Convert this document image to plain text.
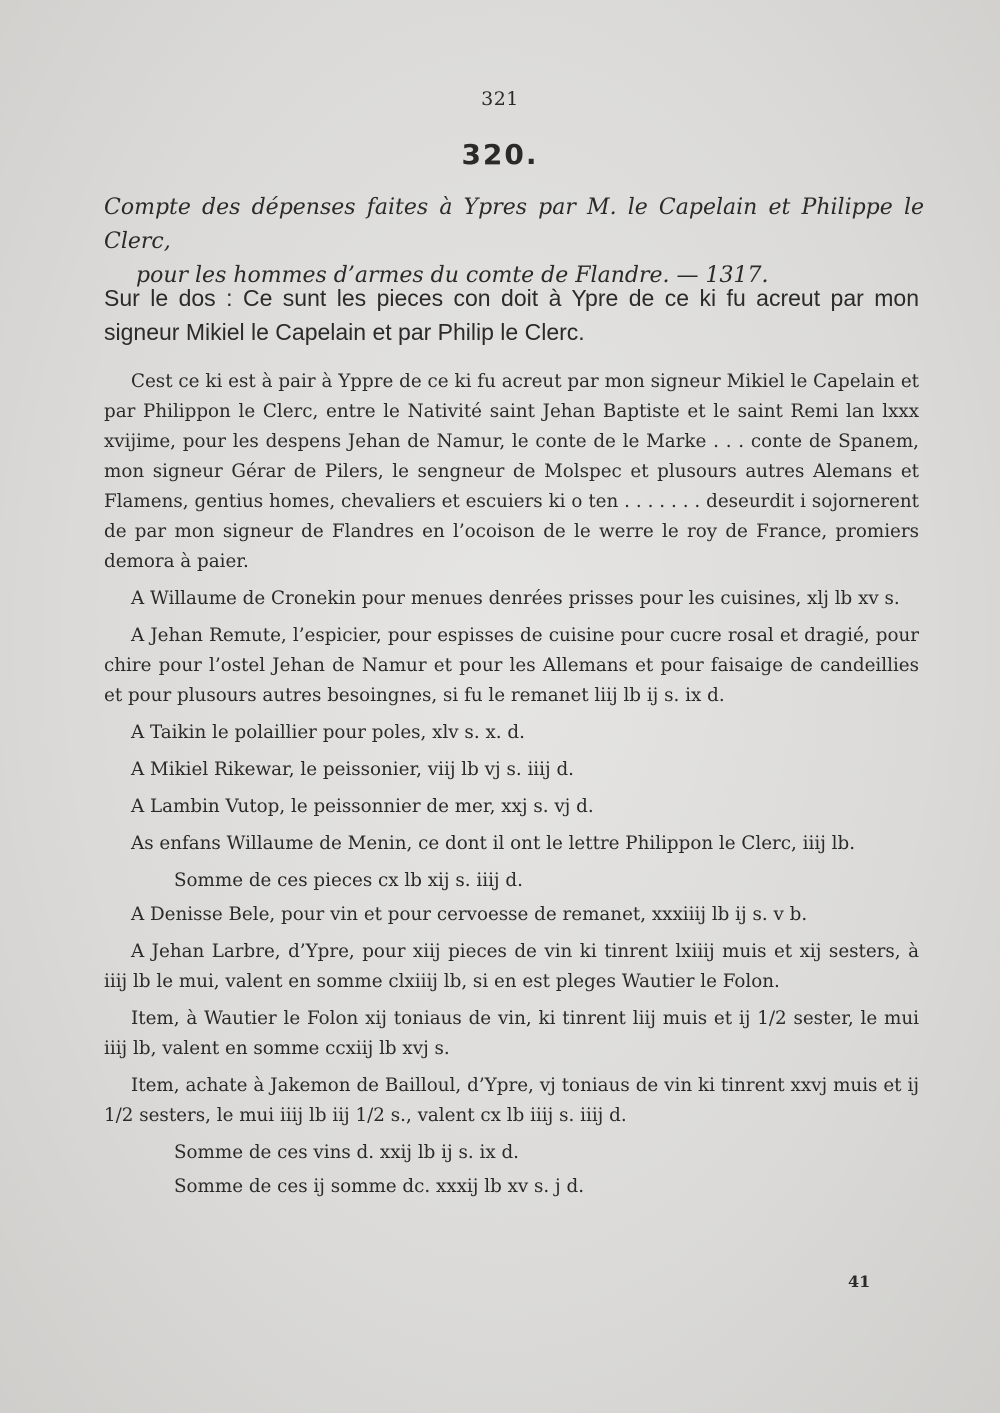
321
320.
Compte des dépenses faites à Ypres par M. le Capelain et Philippe le Clerc,
pour les hommes d’armes du comte de Flandre. — 1317.
Sur le dos : Ce sunt les pieces con doit à Ypre de ce ki fu acreut par mon signeur Mikiel le Capelain et par Philip le Clerc.

Cest ce ki est à pair à Yppre de ce ki fu acreut par mon signeur Mikiel le Capelain et par Philippon le Clerc, entre le Nativité saint Jehan Baptiste et le saint Remi lan lxxx xvijime, pour les despens Jehan de Namur, le conte de le Marke . . . conte de Spanem, mon signeur Gérar de Pilers, le sengneur de Molspec et plusours autres Alemans et Flamens, gentius homes, chevaliers et escuiers ki o ten . . . . . . . deseurdit i sojornerent de par mon signeur de Flandres en l’ocoison de le werre le roy de France, promiers demora à paier.

A Willaume de Cronekin pour menues denrées prisses pour les cuisines, xlj lb xv s.

A Jehan Remute, l’espicier, pour espisses de cuisine pour cucre rosal et dragié, pour chire pour l’ostel Jehan de Namur et pour les Allemans et pour faisaige de candeillies et pour plusours autres besoingnes, si fu le remanet liij lb ij s. ix d.

A Taikin le polaillier pour poles, xlv s. x. d.

A Mikiel Rikewar, le peissonier, viij lb vj s. iiij d.

A Lambin Vutop, le peissonnier de mer, xxj s. vj d.

As enfans Willaume de Menin, ce dont il ont le lettre Philippon le Clerc, iiij lb.

Somme de ces pieces cx lb xij s. iiij d.

A Denisse Bele, pour vin et pour cervoesse de remanet, xxxiiij lb ij s. v b.

A Jehan Larbre, d’Ypre, pour xiij pieces de vin ki tinrent lxiiij muis et xij sesters, à iiij lb le mui, valent en somme clxiiij lb, si en est pleges Wautier le Folon.

Item, à Wautier le Folon xij toniaus de vin, ki tinrent liij muis et ij 1/2 sester, le mui iiij lb, valent en somme ccxiij lb xvj s.

Item, achate à Jakemon de Bailloul, d’Ypre, vj toniaus de vin ki tinrent xxvj muis et ij 1/2 sesters, le mui iiij lb iij 1/2 s., valent cx lb iiij s. iiij d.

Somme de ces vins d. xxij lb ij s. ix d.

Somme de ces ij somme dc. xxxij lb xv s. j d.

41
